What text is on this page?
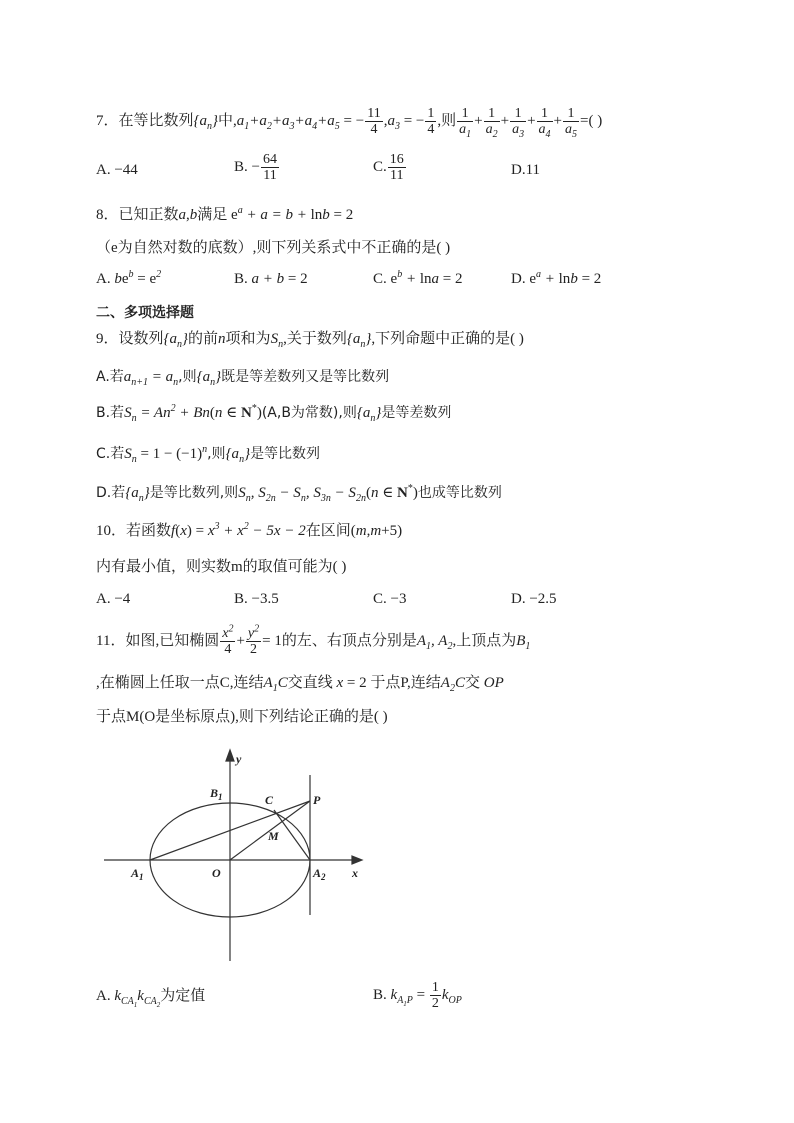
7．在等比数列$\{a_n\}$中$,a_1+a_2+a_3+a_4+a_5$ = − $\frac{11}{4} ,a_3$ = − $\frac{1}{4}$ ,则 $\frac{1}{a_1} + \frac{1}{a_2} + \frac{1}{a_3} + \frac{1}{a_4} + \frac{1}{a_5}$ =( )
A. −44	B. − $\frac{64}{11}$	C. $\frac{16}{11}$	D.11
8．已知正数a,b满足 $e^a + a = b + \ln b = 2$
（e为自然对数的底数）,则下列关系式中不正确的是( )
A. $be^b = e^2$	B. a + b = 2	C. $e^b + \ln a = 2$	D. $e^a + \ln b = 2$
二、多项选择题
9．设数列$\{a_n\}$的前n项和为$S_n$,关于数列$\{a_n\}$,下列命题中正确的是( )
A.若$a_{n+1} = a_n$,则$\{a_n\}$既是等差数列又是等比数列
B.若$S_n = An^2 + Bn(n$ ∈ N*)(A,B为常数),则$\{a_n\}$是等差数列
C.若$S_n = 1 - (-1)^n$,则$\{a_n\}$是等比数列
D.若$\{a_n\}$是等比数列,则$S_n$, $S_{2n} - S_n$, $S_{3n} - S_{2n}(n$ ∈ N*)也成等比数列
10．若函数$f(x) = x^3 + x^2 - 5x - 2$在区间(m,m+5)
内有最小值，则实数m的取值可能为( )
A. −4	B. −3.5	C. −3	D. −2.5
11．如图,已知椭圆 $\frac{x^2}{4} + \frac{y^2}{2} = 1$的左、右顶点分别是$A_1$, $A_2$,上顶点为$B_1$
,在椭圆上任取一点C,连结$A_1C$交直线 x = 2 于点P,连结$A_2C$交 OP
于点M(O是坐标原点),则下列结论正确的是( )
y
x
O
$A_1$	$A_2$
$B_1$	C	P
M
A. $k_{CA_1}k_{CA_2}$为定值	B. $k_{A_1P} = \frac{1}{2} k_{OP}$
